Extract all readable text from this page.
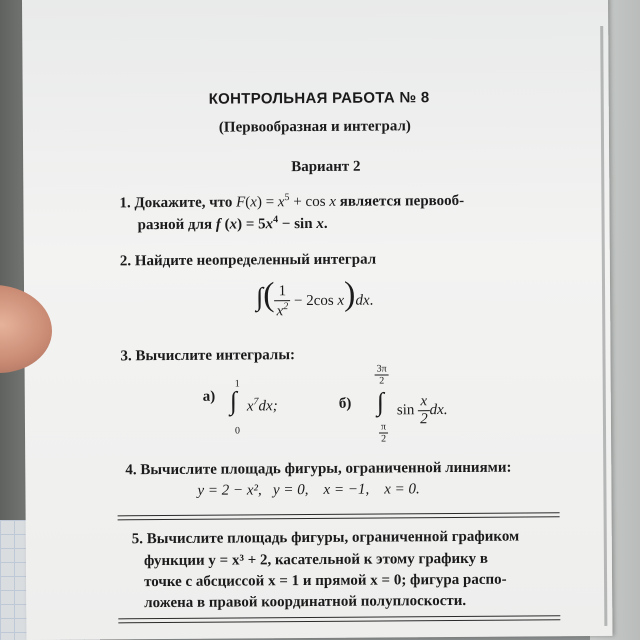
КОНТРОЛЬНАЯ РАБОТА № 8
(Первообразная и интеграл)
Вариант 2
1. Докажите, что $F(x) = x^5 + \cos x$ является первооб-
разной для f $(x) = 5x^4 - \sin x$.
2. Найдите неопределенный интеграл
∫( $\frac{1}{x^2} - 2\cos$ x)dx.
3. Вычислите интегралы:
а)
1
∫
0
$x^7dx$;	б)
$\frac{3\pi}{2}$
∫
$\frac{\pi}{2}$
$\sin \frac{x}{2}$ dx.
4. Вычислите площадь фигуры, ограниченной линиями:
y = 2 − x², y = 0, x = −1, x = 0.
5. Вычислите площадь фигуры, ограниченной графиком
функции y = x³ + 2, касательной к этому графику в
точке с абсциссой x = 1 и прямой x = 0; фигура распо-
ложена в правой координатной полуплоскости.
